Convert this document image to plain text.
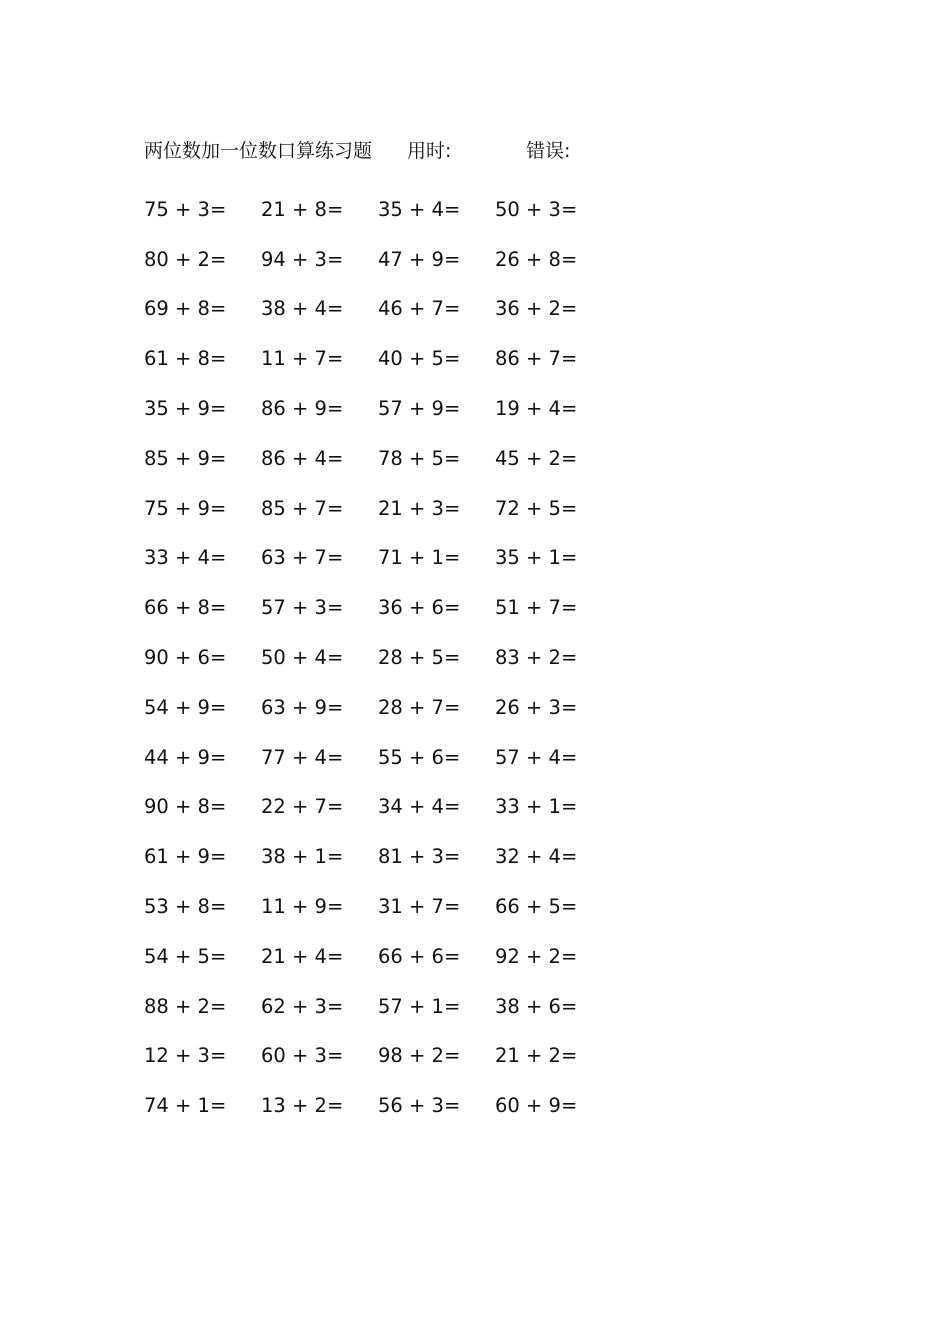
两位数加一位数口算练习题 用时:	错误:
75 + 3=	21 + 8=	35 + 4=	50 + 3=
80 + 2=	94 + 3=	47 + 9=	26 + 8=
69 + 8=	38 + 4=	46 + 7=	36 + 2=
61 + 8=	11 + 7=	40 + 5=	86 + 7=
35 + 9=	86 + 9=	57 + 9=	19 + 4=
85 + 9=	86 + 4=	78 + 5=	45 + 2=
75 + 9=	85 + 7=	21 + 3=	72 + 5=
33 + 4=	63 + 7=	71 + 1=	35 + 1=
66 + 8=	57 + 3=	36 + 6=	51 + 7=
90 + 6=	50 + 4=	28 + 5=	83 + 2=
54 + 9=	63 + 9=	28 + 7=	26 + 3=
44 + 9=	77 + 4=	55 + 6=	57 + 4=
90 + 8=	22 + 7=	34 + 4=	33 + 1=
61 + 9=	38 + 1=	81 + 3=	32 + 4=
53 + 8=	11 + 9=	31 + 7=	66 + 5=
54 + 5=	21 + 4=	66 + 6=	92 + 2=
88 + 2=	62 + 3=	57 + 1=	38 + 6=
12 + 3=	60 + 3=	98 + 2=	21 + 2=
74 + 1=	13 + 2=	56 + 3=	60 + 9=
